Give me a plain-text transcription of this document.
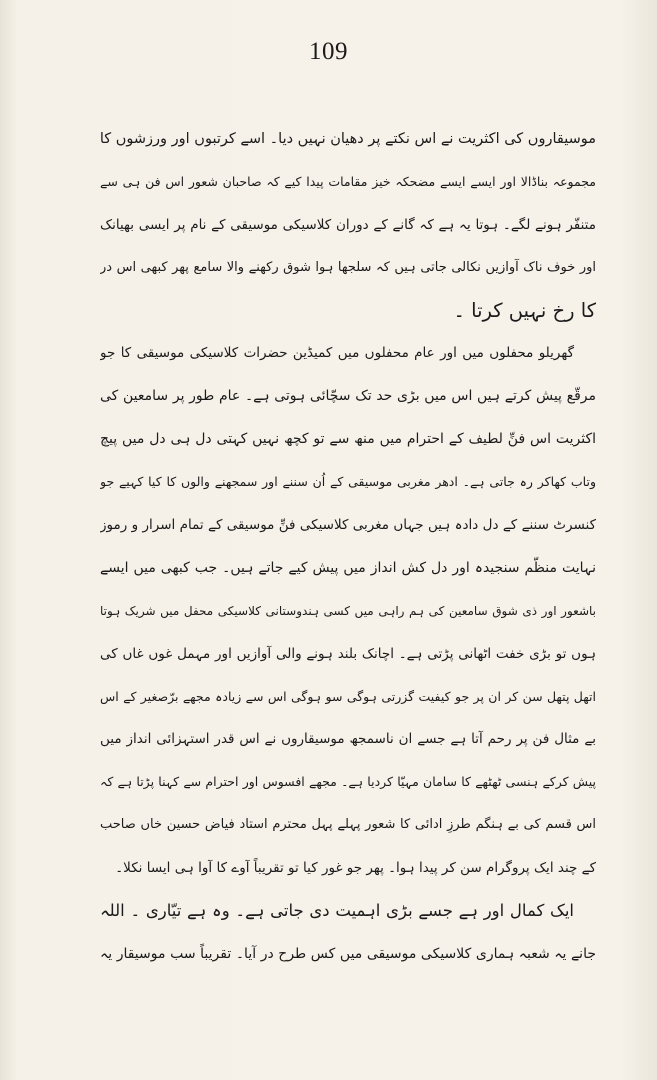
109
موسیقاروں کی اکثریت نے اس نکتے پر دھیان نہیں دیا۔ اسے کرتبوں اور ورزشوں کا
مجموعہ بناڈالا اور ایسے ایسے مضحکہ خیز مقامات پیدا کیے کہ صاحبان شعور اس فن ہی سے
متنفّر ہونے لگے۔ ہوتا یہ ہے کہ گانے کے دوران کلاسیکی موسیقی کے نام پر ایسی بھیانک
اور خوف ناک آوازیں نکالی جاتی ہیں کہ سلجھا ہوا شوق رکھنے والا سامع پھر کبھی اس در
کا رخ نہیں کرتا ۔
گھریلو محفلوں میں اور عام محفلوں میں کمیڈین حضرات کلاسیکی موسیقی کا جو
مرقّع پیش کرتے ہیں اس میں بڑی حد تک سچّائی ہوتی ہے۔ عام طور پر سامعین کی
اکثریت اس فنِّ لطیف کے احترام میں منھ سے تو کچھ نہیں کہتی دل ہی دل میں پیچ
وتاب کھاکر رہ جاتی ہے۔ ادھر مغربی موسیقی کے اُن سننے اور سمجھنے والوں کا کیا کہیے جو
کنسرٹ سننے کے دل دادہ ہیں جہاں مغربی کلاسیکی فنِّ موسیقی کے تمام اسرار و رموز
نہایت منظّم سنجیدہ اور دل کش انداز میں پیش کیے جاتے ہیں۔ جب کبھی میں ایسے
باشعور اور ذی شوق سامعین کی ہم راہی میں کسی ہندوستانی کلاسیکی محفل میں شریک ہوتا
ہوں تو بڑی خفت اٹھانی پڑتی ہے۔ اچانک بلند ہونے والی آوازیں اور مہمل غوں غاں کی
اتھل پتھل سن کر ان پر جو کیفیت گزرتی ہوگی سو ہوگی اس سے زیادہ مجھے برّصغیر کے اس
بے مثال فن پر رحم آتا ہے جسے ان ناسمجھ موسیقاروں نے اس قدر استہزائی انداز میں
پیش کرکے ہنسی ٹھٹھے کا سامان مہیّا کردیا ہے۔ مجھے افسوس اور احترام سے کہنا پڑتا ہے کہ
اس قسم کی بے ہنگم طرزِ ادائی کا شعور پہلے پہل محترم استاد فیاض حسین خاں صاحب
کے چند ایک پروگرام سن کر پیدا ہوا۔ پھر جو غور کیا تو تقریباً آوے کا آوا ہی ایسا نکلا۔
ایک کمال اور ہے جسے بڑی اہمیت دی جاتی ہے۔ وہ ہے تیّاری ۔ اللہ
جانے یہ شعبہ ہماری کلاسیکی موسیقی میں کس طرح در آیا۔ تقریباً سب موسیقار یہ
